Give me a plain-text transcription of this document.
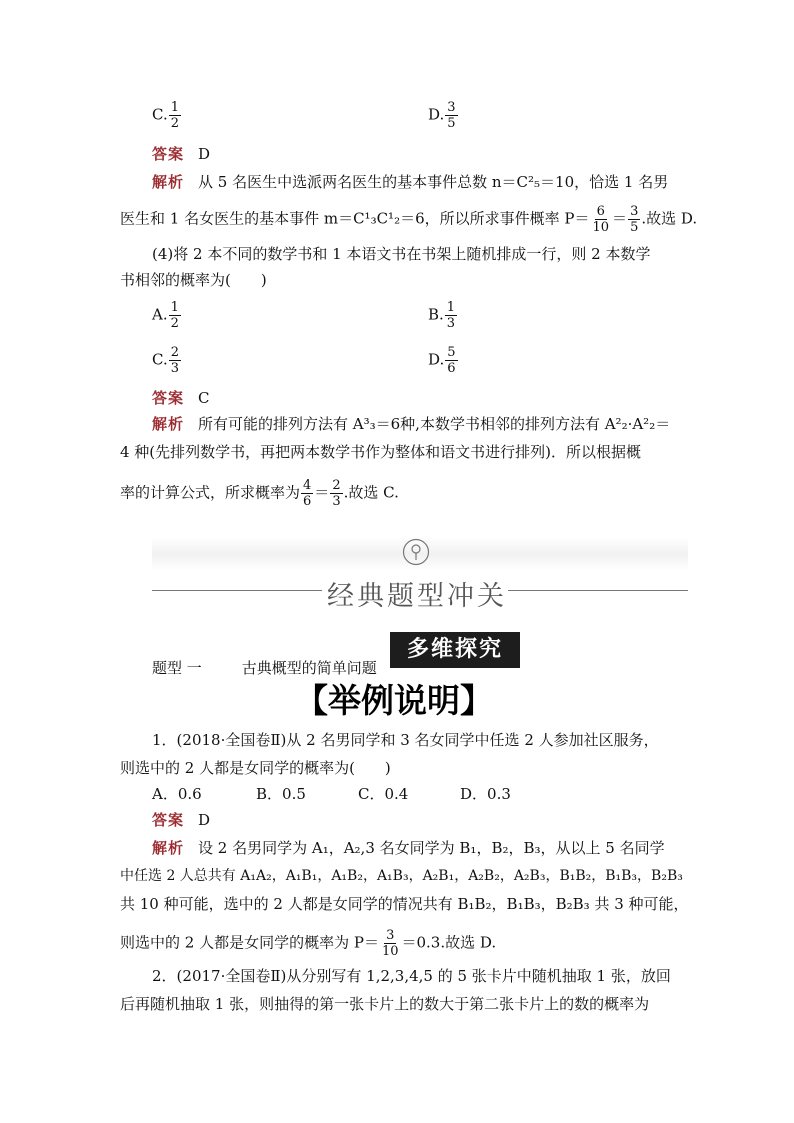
C. $\frac{1}{2}$	D. $\frac{3}{5}$
答案 D
解析 从 5 名医生中选派两名医生的基本事件总数 n＝C²₅＝10，恰选 1 名男
医生和 1 名女医生的基本事件 m＝C¹₃C¹₂＝6，所以所求事件概率 $P= \frac{6}{10} = \frac{3}{5}$ .故选 D.
(4)将 2 本不同的数学书和 1 本语文书在书架上随机排成一行，则 2 本数学
书相邻的概率为(　　)
A. $\frac{1}{2}$	B. $\frac{1}{3}$
C. $\frac{2}{3}$	D. $\frac{5}{6}$
答案 C
解析 所有可能的排列方法有 A³₃＝6种,本数学书相邻的排列方法有 A²₂·A²₂＝
4 种(先排列数学书，再把两本数学书作为整体和语文书进行排列)．所以根据概
率的计算公式，所求概率为 $\frac{4}{6} = \frac{2}{3}$ .故选 C.
经典题型冲关
题型 一	古典概型的简单问题
多维探究
【举例说明】
1．(2018·全国卷Ⅱ)从 2 名男同学和 3 名女同学中任选 2 人参加社区服务，
则选中的 2 人都是女同学的概率为(　　)
A．0.6	B．0.5	C．0.4	D．0.3
答案 D
解析 设 2 名男同学为 A₁，A₂,3 名女同学为 B₁，B₂，B₃，从以上 5 名同学
中任选 2 人总共有 A₁A₂，A₁B₁，A₁B₂，A₁B₃，A₂B₁，A₂B₂，A₂B₃，B₁B₂，B₁B₃，B₂B₃
共 10 种可能，选中的 2 人都是女同学的情况共有 B₁B₂，B₁B₃，B₂B₃ 共 3 种可能，
则选中的 2 人都是女同学的概率为 $P= \frac{3}{10} =0.3$.故选 D.
2．(2017·全国卷Ⅱ)从分别写有 1,2,3,4,5 的 5 张卡片中随机抽取 1 张，放回
后再随机抽取 1 张，则抽得的第一张卡片上的数大于第二张卡片上的数的概率为
